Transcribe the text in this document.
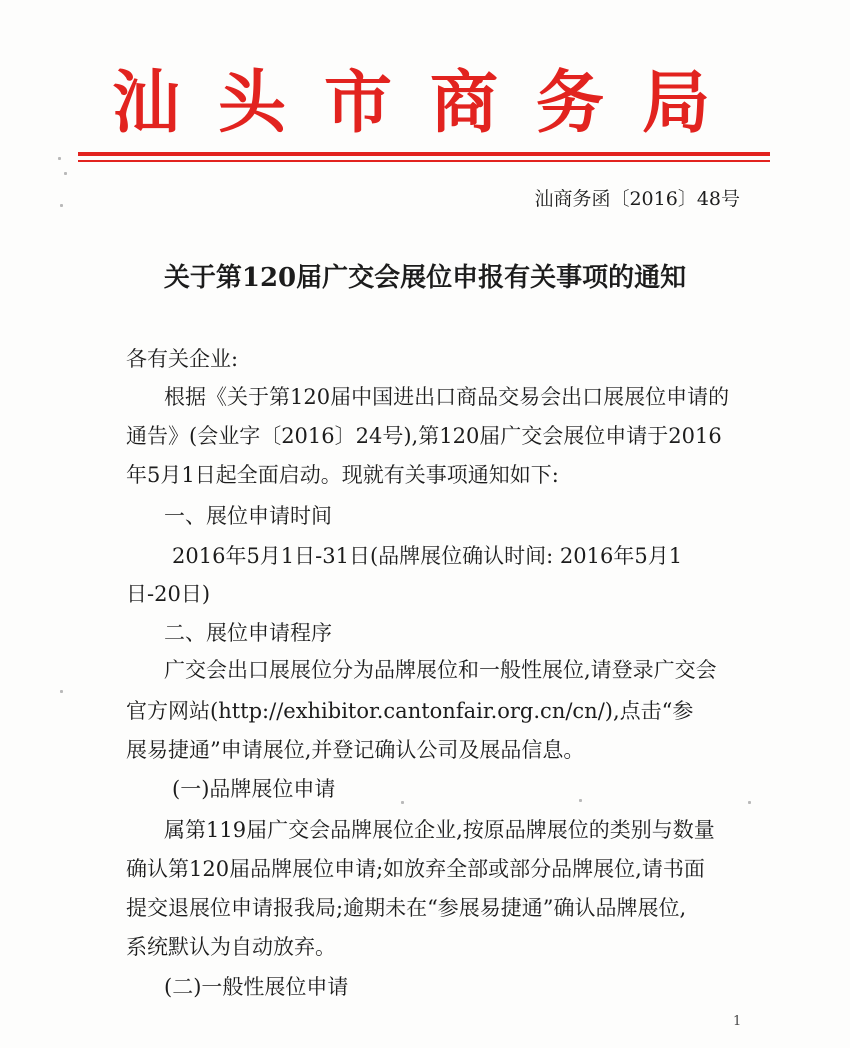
汕头市商务局
汕商务函〔2016〕48号
关于第120届广交会展位申报有关事项的通知
各有关企业:
根据《关于第120届中国进出口商品交易会出口展展位申请的
通告》(会业字〔2016〕24号),第120届广交会展位申请于2016
年5月1日起全面启动。现就有关事项通知如下:
一、展位申请时间
2016年5月1日-31日(品牌展位确认时间: 2016年5月1
日-20日)
二、展位申请程序
广交会出口展展位分为品牌展位和一般性展位,请登录广交会
官方网站(http://exhibitor.cantonfair.org.cn/cn/),点击“参
展易捷通”申请展位,并登记确认公司及展品信息。
(一)品牌展位申请
属第119届广交会品牌展位企业,按原品牌展位的类别与数量
确认第120届品牌展位申请;如放弃全部或部分品牌展位,请书面
提交退展位申请报我局;逾期未在“参展易捷通”确认品牌展位,
系统默认为自动放弃。
(二)一般性展位申请
1
